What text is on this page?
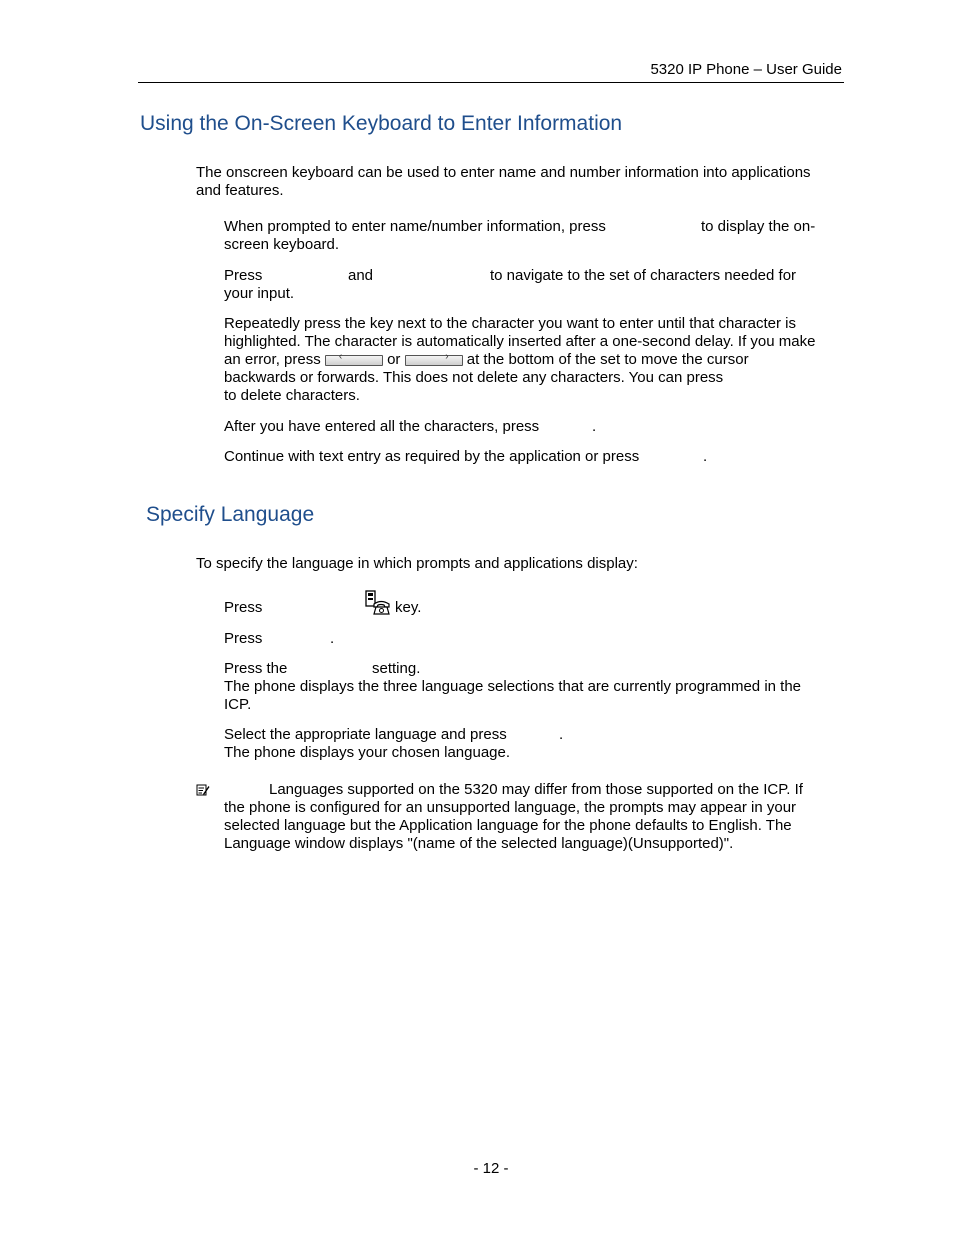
5320 IP Phone – User Guide
Using the On-Screen Keyboard to Enter Information
The onscreen keyboard can be used to enter name and number information into applications
and features.
When prompted to enter name/number information, press	to display the on-
screen keyboard.
Press	and	to navigate to the set of characters needed for
your input.
Repeatedly press the key next to the character you want to enter until that character is
highlighted. The character is automatically inserted after a one-second delay. If you make
an error, press ‹	or	› at the bottom of the set to move the cursor
backwards or forwards. This does not delete any characters. You can press
to delete characters.
After you have entered all the characters, press	.
Continue with text entry as required by the application or press	.
Specify Language
To specify the language in which prompts and applications display:
Press	key.
Press	.
Press the	setting.
The phone displays the three language selections that are currently programmed in the
ICP.
Select the appropriate language and press	.
The phone displays your chosen language.
Languages supported on the 5320 may differ from those supported on the ICP. If
the phone is configured for an unsupported language, the prompts may appear in your
selected language but the Application language for the phone defaults to English. The
Language window displays "(name of the selected language)(Unsupported)".
- 12 -
